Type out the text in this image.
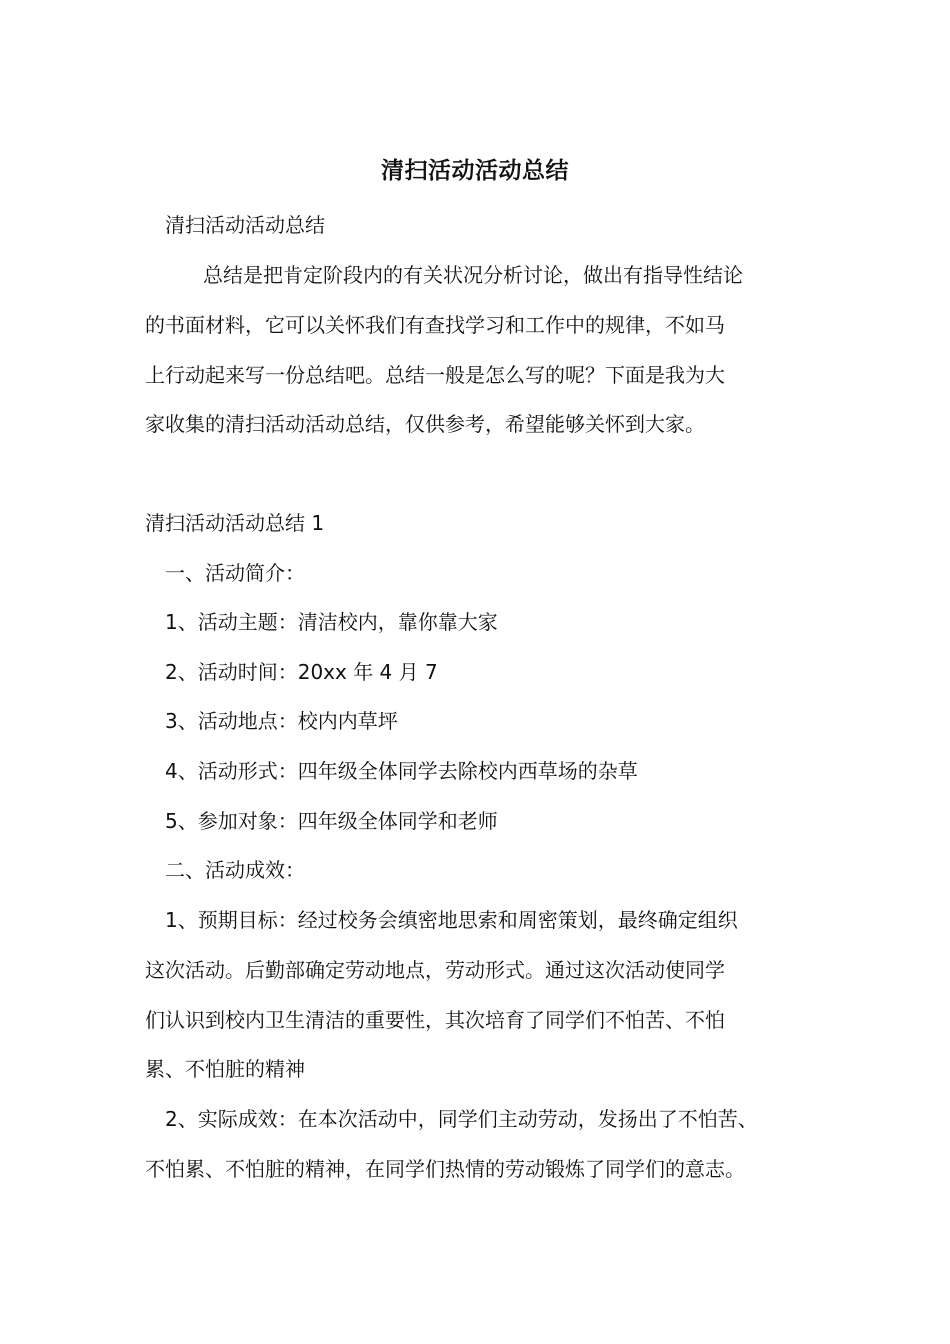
清扫活动活动总结
清扫活动活动总结
总结是把肯定阶段内的有关状况分析讨论，做出有指导性结论
的书面材料，它可以关怀我们有查找学习和工作中的规律，不如马
上行动起来写一份总结吧。总结一般是怎么写的呢？下面是我为大
家收集的清扫活动活动总结，仅供参考，希望能够关怀到大家。
清扫活动活动总结 1
一、活动简介：
1、活动主题：清洁校内，靠你靠大家
2、活动时间：20xx 年 4 月 7
3、活动地点：校内内草坪
4、活动形式：四年级全体同学去除校内西草场的杂草
5、参加对象：四年级全体同学和老师
二、活动成效：
1、预期目标：经过校务会缜密地思索和周密策划，最终确定组织
这次活动。后勤部确定劳动地点，劳动形式。通过这次活动使同学
们认识到校内卫生清洁的重要性，其次培育了同学们不怕苦、不怕
累、不怕脏的精神
2、实际成效：在本次活动中，同学们主动劳动，发扬出了不怕苦、
不怕累、不怕脏的精神，在同学们热情的劳动锻炼了同学们的意志。
